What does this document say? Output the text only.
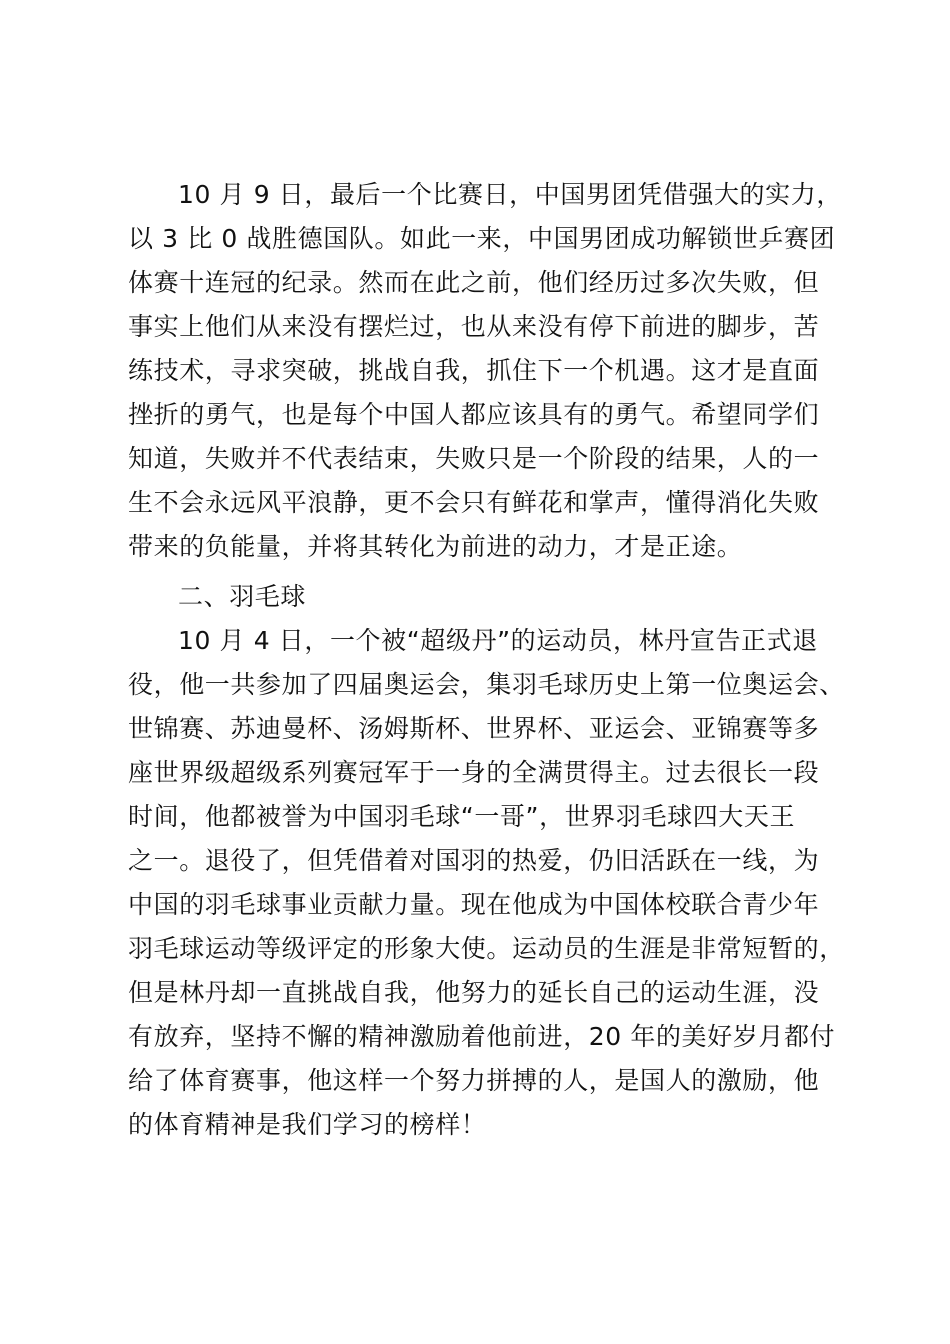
10 月 9 日，最后一个比赛日，中国男团凭借强大的实力，
以 3 比 0 战胜德国队。如此一来，中国男团成功解锁世乒赛团
体赛十连冠的纪录。然而在此之前，他们经历过多次失败，但
事实上他们从来没有摆烂过，也从来没有停下前进的脚步，苦
练技术，寻求突破，挑战自我，抓住下一个机遇。这才是直面
挫折的勇气，也是每个中国人都应该具有的勇气。希望同学们
知道，失败并不代表结束，失败只是一个阶段的结果，人的一
生不会永远风平浪静，更不会只有鲜花和掌声，懂得消化失败
带来的负能量，并将其转化为前进的动力，才是正途。
二、羽毛球
10 月 4 日，一个被“超级丹”的运动员，林丹宣告正式退
役，他一共参加了四届奥运会，集羽毛球历史上第一位奥运会、
世锦赛、苏迪曼杯、汤姆斯杯、世界杯、亚运会、亚锦赛等多
座世界级超级系列赛冠军于一身的全满贯得主。过去很长一段
时间，他都被誉为中国羽毛球“一哥”，世界羽毛球四大天王
之一。退役了，但凭借着对国羽的热爱，仍旧活跃在一线，为
中国的羽毛球事业贡献力量。现在他成为中国体校联合青少年
羽毛球运动等级评定的形象大使。运动员的生涯是非常短暂的，
但是林丹却一直挑战自我，他努力的延长自己的运动生涯，没
有放弃，坚持不懈的精神激励着他前进，20 年的美好岁月都付
给了体育赛事，他这样一个努力拼搏的人，是国人的激励，他
的体育精神是我们学习的榜样！
